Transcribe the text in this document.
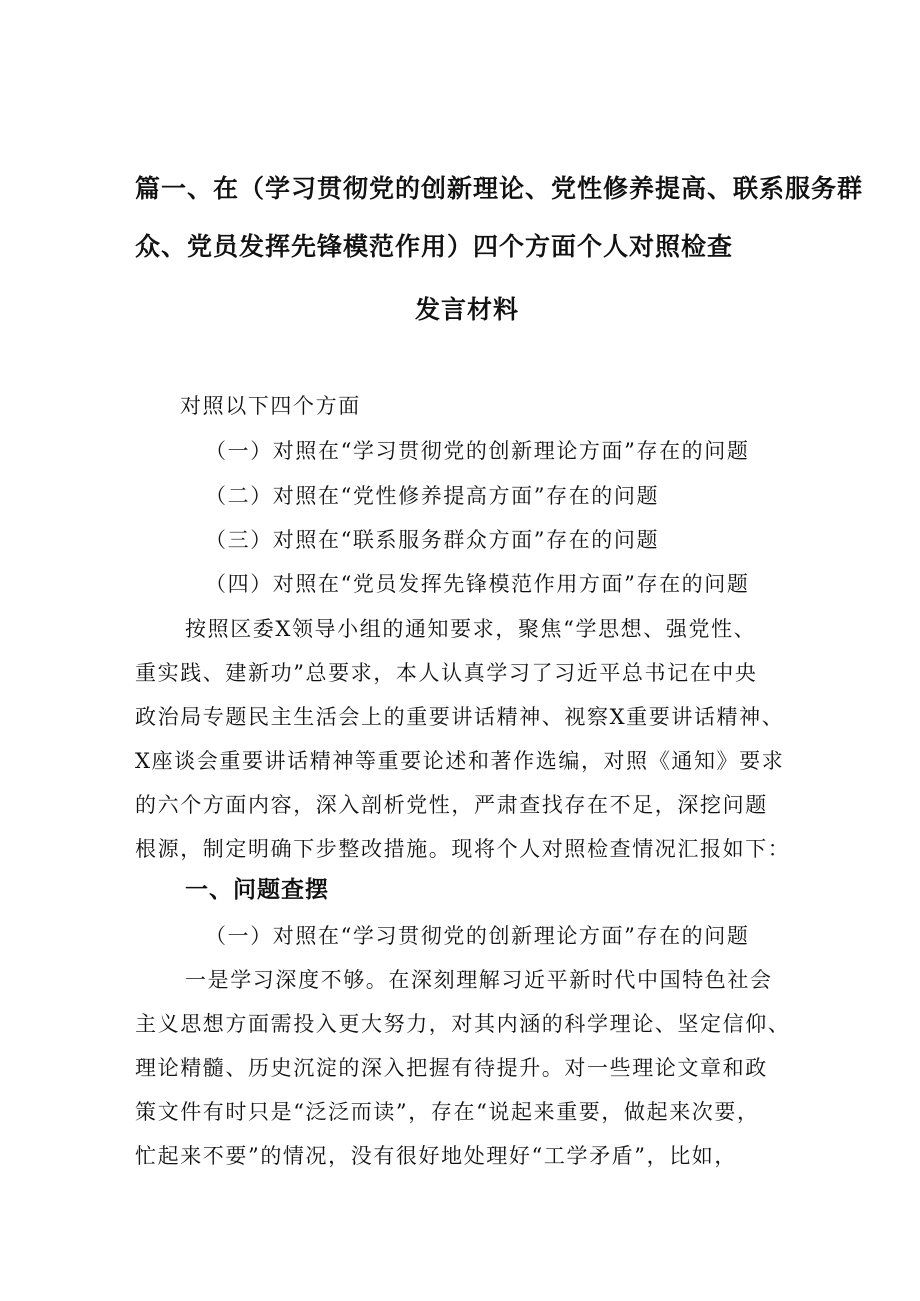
篇一、在（学习贯彻党的创新理论、党性修养提高、联系服务群
众、党员发挥先锋模范作用）四个方面个人对照检查
发言材料
对照以下四个方面
（一）对照在“学习贯彻党的创新理论方面”存在的问题
（二）对照在“党性修养提高方面”存在的问题
（三）对照在“联系服务群众方面”存在的问题
（四）对照在“党员发挥先锋模范作用方面”存在的问题
按照区委X领导小组的通知要求，聚焦“学思想、强党性、
重实践、建新功”总要求，本人认真学习了习近平总书记在中央
政治局专题民主生活会上的重要讲话精神、视察X重要讲话精神、
X座谈会重要讲话精神等重要论述和著作选编，对照《通知》要求
的六个方面内容，深入剖析党性，严肃查找存在不足，深挖问题
根源，制定明确下步整改措施。现将个人对照检查情况汇报如下：
一、问题查摆
（一）对照在“学习贯彻党的创新理论方面”存在的问题
一是学习深度不够。在深刻理解习近平新时代中国特色社会
主义思想方面需投入更大努力，对其内涵的科学理论、坚定信仰、
理论精髓、历史沉淀的深入把握有待提升。对一些理论文章和政
策文件有时只是“泛泛而读”，存在“说起来重要，做起来次要，
忙起来不要”的情况，没有很好地处理好“工学矛盾”，比如，
